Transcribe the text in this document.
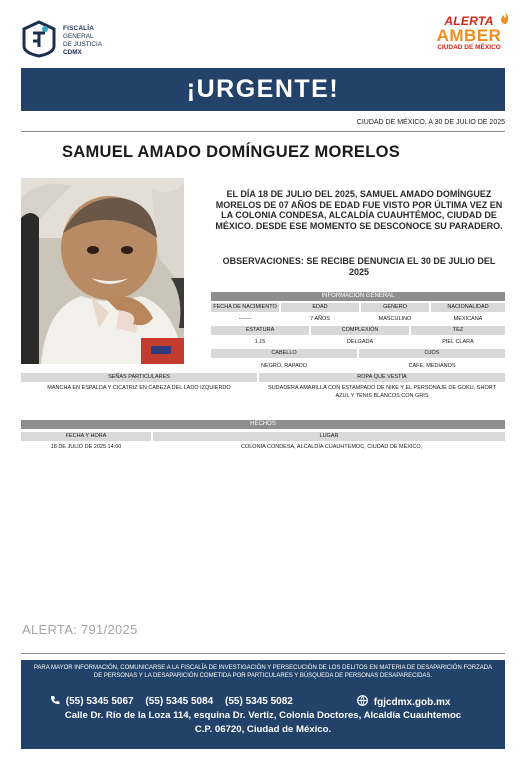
FISCALÍA
GENERAL
DE JUSTICIA
CDMX
ALERTA
AMBER
CIUDAD DE MÉXICO
¡URGENTE!
CIUDAD DE MÉXICO, A 30 DE JULIO DE 2025
SAMUEL AMADO DOMÍNGUEZ MORELOS
EL DÍA 18 DE JULIO DEL 2025, SAMUEL AMADO DOMÍNGUEZ MORELOS DE 07 AÑOS DE EDAD FUE VISTO POR ÚLTIMA VEZ EN LA COLONIA CONDESA, ALCALDÍA CUAUHTÉMOC, CIUDAD DE MÉXICO. DESDE ESE MOMENTO SE DESCONOCE SU PARADERO.
OBSERVACIONES: SE RECIBE DENUNCIA EL 30 DE JULIO DEL 2025
INFORMACIÓN GENERAL
FECHA DE NACIMIENTO	EDAD	GENERO	NACIONALIDAD
-------	7 AÑOS	MASCULINO	MEXICANA
ESTATURA	COMPLEXIÓN	TEZ
1.15	DELGADA	PIEL CLARA
CABELLO	OJOS
NEGRO, RAPADO	CAFE, MEDIANOS
SEÑAS PARTICULARES	ROPA QUE VESTÍA
MANCHA EN ESPALDA Y CICATRIZ EN CABEZA DEL LADO IZQUIERDO	SUDADERA AMARILLA CON ESTAMPADO DE NIKE Y EL PERSONAJE DE GOKU, SHORT AZUL Y TENIS BLANCOS CON GRIS
HECHOS
FECHA Y HORA	LUGAR
18 DE JULIO DE 2025 14:00	COLONIA CONDESA, ALCALDÍA CUAUHTEMOC, CIUDAD DE MÉXICO,
ALERTA: 791/2025
PARA MAYOR INFORMACIÓN, COMUNICARSE A LA FISCALÍA DE INVESTIGACIÓN Y PERSECUCIÓN DE LOS DELITOS EN MATERIA DE DESAPARICIÓN FORZADA DE PERSONAS Y LA DESAPARICIÓN COMETIDA POR PARTICULARES Y BÚSQUEDA DE PERSONAS DESAPARECIDAS.
(55) 5345 5067 (55) 5345 5084 (55) 5345 5082	fgjcdmx.gob.mx
Calle Dr. Río de la Loza 114, esquina Dr. Vertiz, Colonia Doctores, Alcaldía Cuauhtemoc
C.P. 06720, Ciudad de México.
